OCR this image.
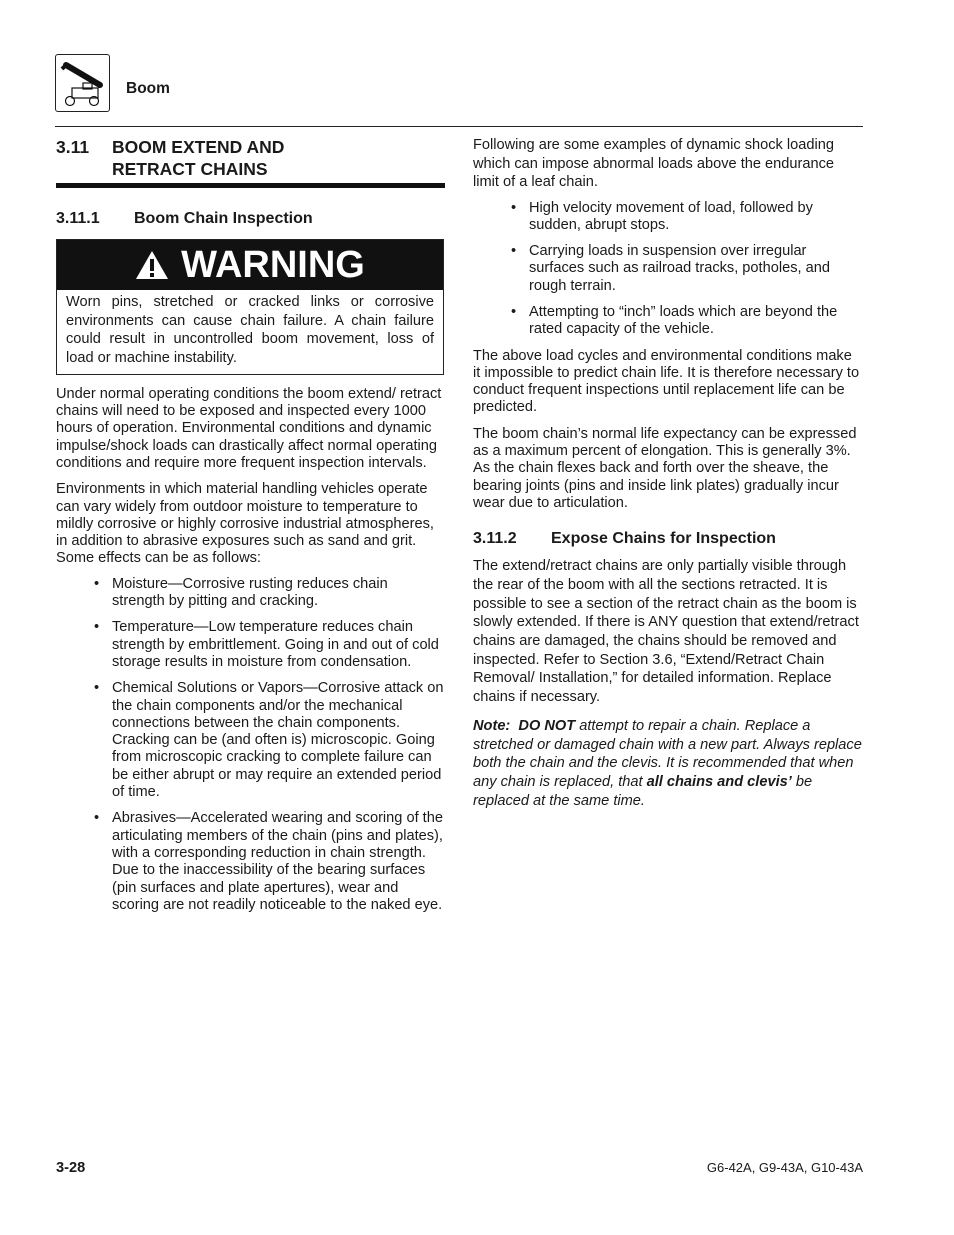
Boom
3.11	BOOM EXTEND AND
RETRACT CHAINS
3.11.1	Boom Chain Inspection
WARNING
Worn pins, stretched or cracked links or corrosive environments can cause chain failure. A chain failure could result in uncontrolled boom movement, loss of load or machine instability.

Under normal operating conditions the boom extend/ retract chains will need to be exposed and inspected every 1000 hours of operation. Environmental conditions and dynamic impulse/shock loads can drastically affect normal operating conditions and require more frequent inspection intervals.

Environments in which material handling vehicles operate can vary widely from outdoor moisture to temperature to mildly corrosive or highly corrosive industrial atmospheres, in addition to abrasive exposures such as sand and grit. Some effects can be as follows:

• Moisture—Corrosive rusting reduces chain strength by pitting and cracking.
• Temperature—Low temperature reduces chain strength by embrittlement. Going in and out of cold storage results in moisture from condensation.
• Chemical Solutions or Vapors—Corrosive attack on the chain components and/or the mechanical connections between the chain components. Cracking can be (and often is) microscopic. Going from microscopic cracking to complete failure can be either abrupt or may require an extended period of time.
• Abrasives—Accelerated wearing and scoring of the articulating members of the chain (pins and plates), with a corresponding reduction in chain strength. Due to the inaccessibility of the bearing surfaces (pin surfaces and plate apertures), wear and scoring are not readily noticeable to the naked eye.

Following are some examples of dynamic shock loading which can impose abnormal loads above the endurance limit of a leaf chain.

• High velocity movement of load, followed by sudden, abrupt stops.
• Carrying loads in suspension over irregular surfaces such as railroad tracks, potholes, and rough terrain.
• Attempting to “inch” loads which are beyond the rated capacity of the vehicle.

The above load cycles and environmental conditions make it impossible to predict chain life. It is therefore necessary to conduct frequent inspections until replacement life can be predicted.

The boom chain’s normal life expectancy can be expressed as a maximum percent of elongation. This is generally 3%. As the chain flexes back and forth over the sheave, the bearing joints (pins and inside link plates) gradually incur wear due to articulation.

3.11.2	Expose Chains for Inspection

The extend/retract chains are only partially visible through the rear of the boom with all the sections retracted. It is possible to see a section of the retract chain as the boom is slowly extended. If there is ANY question that extend/retract chains are damaged, the chains should be removed and inspected. Refer to Section 3.6, “Extend/Retract Chain Removal/ Installation,” for detailed information. Replace chains if necessary.

Note: DO NOT attempt to repair a chain. Replace a stretched or damaged chain with a new part. Always replace both the chain and the clevis. It is recommended that when any chain is replaced, that all chains and clevis’ be replaced at the same time.

3-28	G6-42A, G9-43A, G10-43A
